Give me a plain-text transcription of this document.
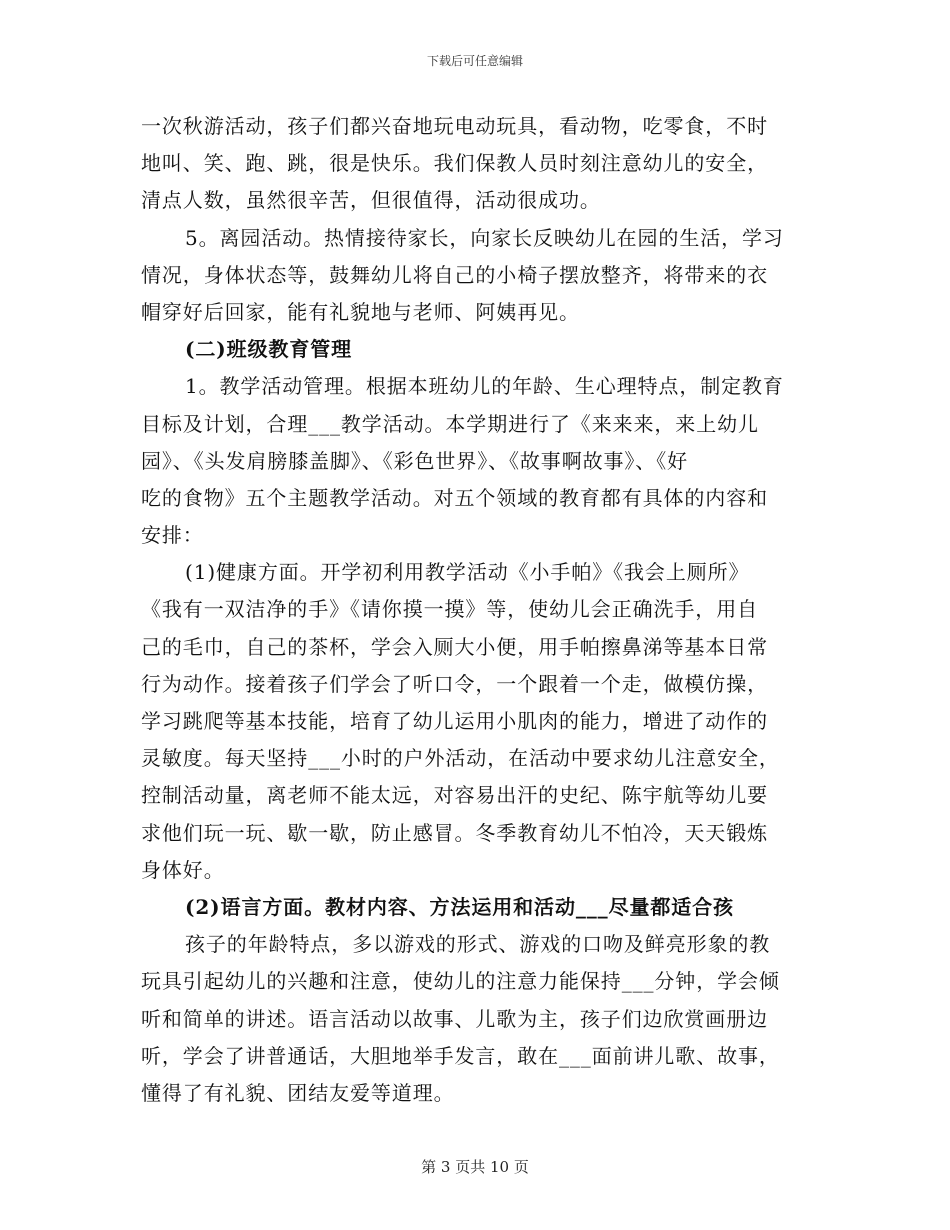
下载后可任意编辑
一次秋游活动，孩子们都兴奋地玩电动玩具，看动物，吃零食，不时
地叫、笑、跑、跳，很是快乐。我们保教人员时刻注意幼儿的安全，
清点人数，虽然很辛苦，但很值得，活动很成功。
5。离园活动。热情接待家长，向家长反映幼儿在园的生活，学习
情况，身体状态等，鼓舞幼儿将自己的小椅子摆放整齐，将带来的衣
帽穿好后回家，能有礼貌地与老师、阿姨再见。
(二)班级教育管理
1。教学活动管理。根据本班幼儿的年龄、生心理特点，制定教育
目标及计划，合理___教学活动。本学期进行了《来来来，来上幼儿
园》、《头发肩膀膝盖脚》、《彩色世界》、《故事啊故事》、《好
吃的食物》五个主题教学活动。对五个领域的教育都有具体的内容和
安排：
(1)健康方面。开学初利用教学活动《小手帕》《我会上厕所》
《我有一双洁净的手》《请你摸一摸》等，使幼儿会正确洗手，用自
己的毛巾，自己的茶杯，学会入厕大小便，用手帕擦鼻涕等基本日常
行为动作。接着孩子们学会了听口令，一个跟着一个走，做模仿操，
学习跳爬等基本技能，培育了幼儿运用小肌肉的能力，增进了动作的
灵敏度。每天坚持___小时的户外活动，在活动中要求幼儿注意安全，
控制活动量，离老师不能太远，对容易出汗的史纪、陈宇航等幼儿要
求他们玩一玩、歇一歇，防止感冒。冬季教育幼儿不怕冷，天天锻炼
身体好。
(2)语言方面。教材内容、方法运用和活动___尽量都适合孩
孩子的年龄特点，多以游戏的形式、游戏的口吻及鲜亮形象的教
玩具引起幼儿的兴趣和注意，使幼儿的注意力能保持___分钟，学会倾
听和简单的讲述。语言活动以故事、儿歌为主，孩子们边欣赏画册边
听，学会了讲普通话，大胆地举手发言，敢在___面前讲儿歌、故事，
懂得了有礼貌、团结友爱等道理。
第 3 页共 10 页
